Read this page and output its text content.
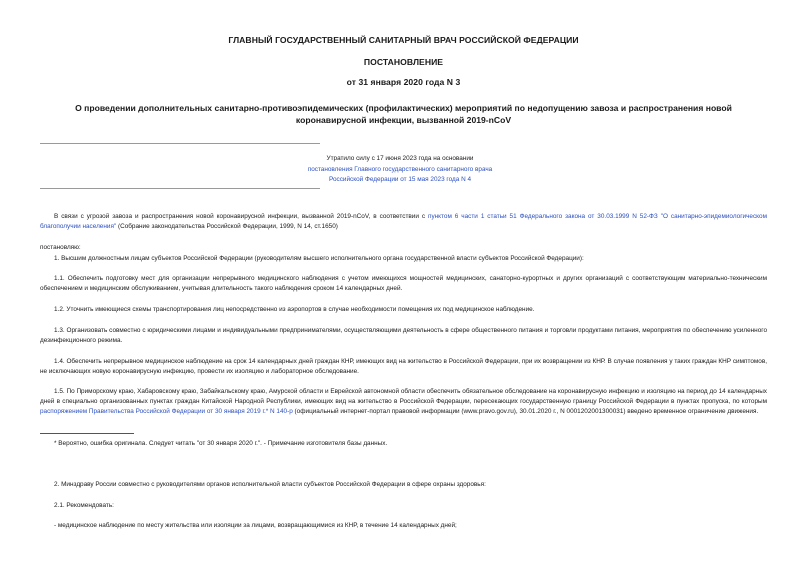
ГЛАВНЫЙ ГОСУДАРСТВЕННЫЙ САНИТАРНЫЙ ВРАЧ РОССИЙСКОЙ ФЕДЕРАЦИИ
ПОСТАНОВЛЕНИЕ
от 31 января 2020 года N 3
О проведении дополнительных санитарно-противоэпидемических (профилактических) мероприятий по недопущению завоза и распространения новой
коронавирусной инфекции, вызванной 2019-nCoV
Утратило силу с 17 июня 2023 года на основании
постановления Главного государственного санитарного врача
Российской Федерации от 15 мая 2023 года N 4
В связи с угрозой завоза и распространения новой коронавирусной инфекции, вызванной 2019-nCoV, в соответствии с пунктом 6 части 1 статьи 51 Федерального закона от 30.03.1999 N 52-ФЗ "О санитарно-эпидемиологическом благополучии населения" (Собрание законодательства Российской Федерации, 1999, N 14, ст.1650)
постановляю:
1. Высшим должностным лицам субъектов Российской Федерации (руководителям высшего исполнительного органа государственной власти субъектов Российской Федерации):
1.1. Обеспечить подготовку мест для организации непрерывного медицинского наблюдения с учетом имеющихся мощностей медицинских, санаторно-курортных и других организаций с соответствующим материально-техническим обеспечением и медицинским обслуживанием, учитывая длительность такого наблюдения сроком 14 календарных дней.
1.2. Уточнить имеющиеся схемы транспортирования лиц непосредственно из аэропортов в случае необходимости помещения их под медицинское наблюдение.
1.3. Организовать совместно с юридическими лицами и индивидуальными предпринимателями, осуществляющими деятельность в сфере общественного питания и торговли продуктами питания, мероприятия по обеспечению усиленного дезинфекционного режима.
1.4. Обеспечить непрерывное медицинское наблюдение на срок 14 календарных дней граждан КНР, имеющих вид на жительство в Российской Федерации, при их возвращении из КНР. В случае появления у таких граждан КНР симптомов, не исключающих новую коронавирусную инфекцию, провести их изоляцию и лабораторное обследование.
1.5. По Приморскому краю, Хабаровскому краю, Забайкальскому краю, Амурской области и Еврейской автономной области обеспечить обязательное обследование на коронавирусную инфекцию и изоляцию на период до 14 календарных дней в специально организованных пунктах граждан Китайской Народной Республики, имеющих вид на жительство в Российской Федерации, пересекающих государственную границу Российской Федерации в пунктах пропуска, по которым распоряжением Правительства Российской Федерации от 30 января 2019 г.* N 140-р (официальный интернет-портал правовой информации (www.pravo.gov.ru), 30.01.2020 г., N 0001202001300031) введено временное ограничение движения.
* Вероятно, ошибка оригинала. Следует читать "от 30 января 2020 г.". - Примечание изготовителя базы данных.
2. Минздраву России совместно с руководителями органов исполнительной власти субъектов Российской Федерации в сфере охраны здоровья:
2.1. Рекомендовать:
- медицинское наблюдение по месту жительства или изоляции за лицами, возвращающимися из КНР, в течение 14 календарных дней;
